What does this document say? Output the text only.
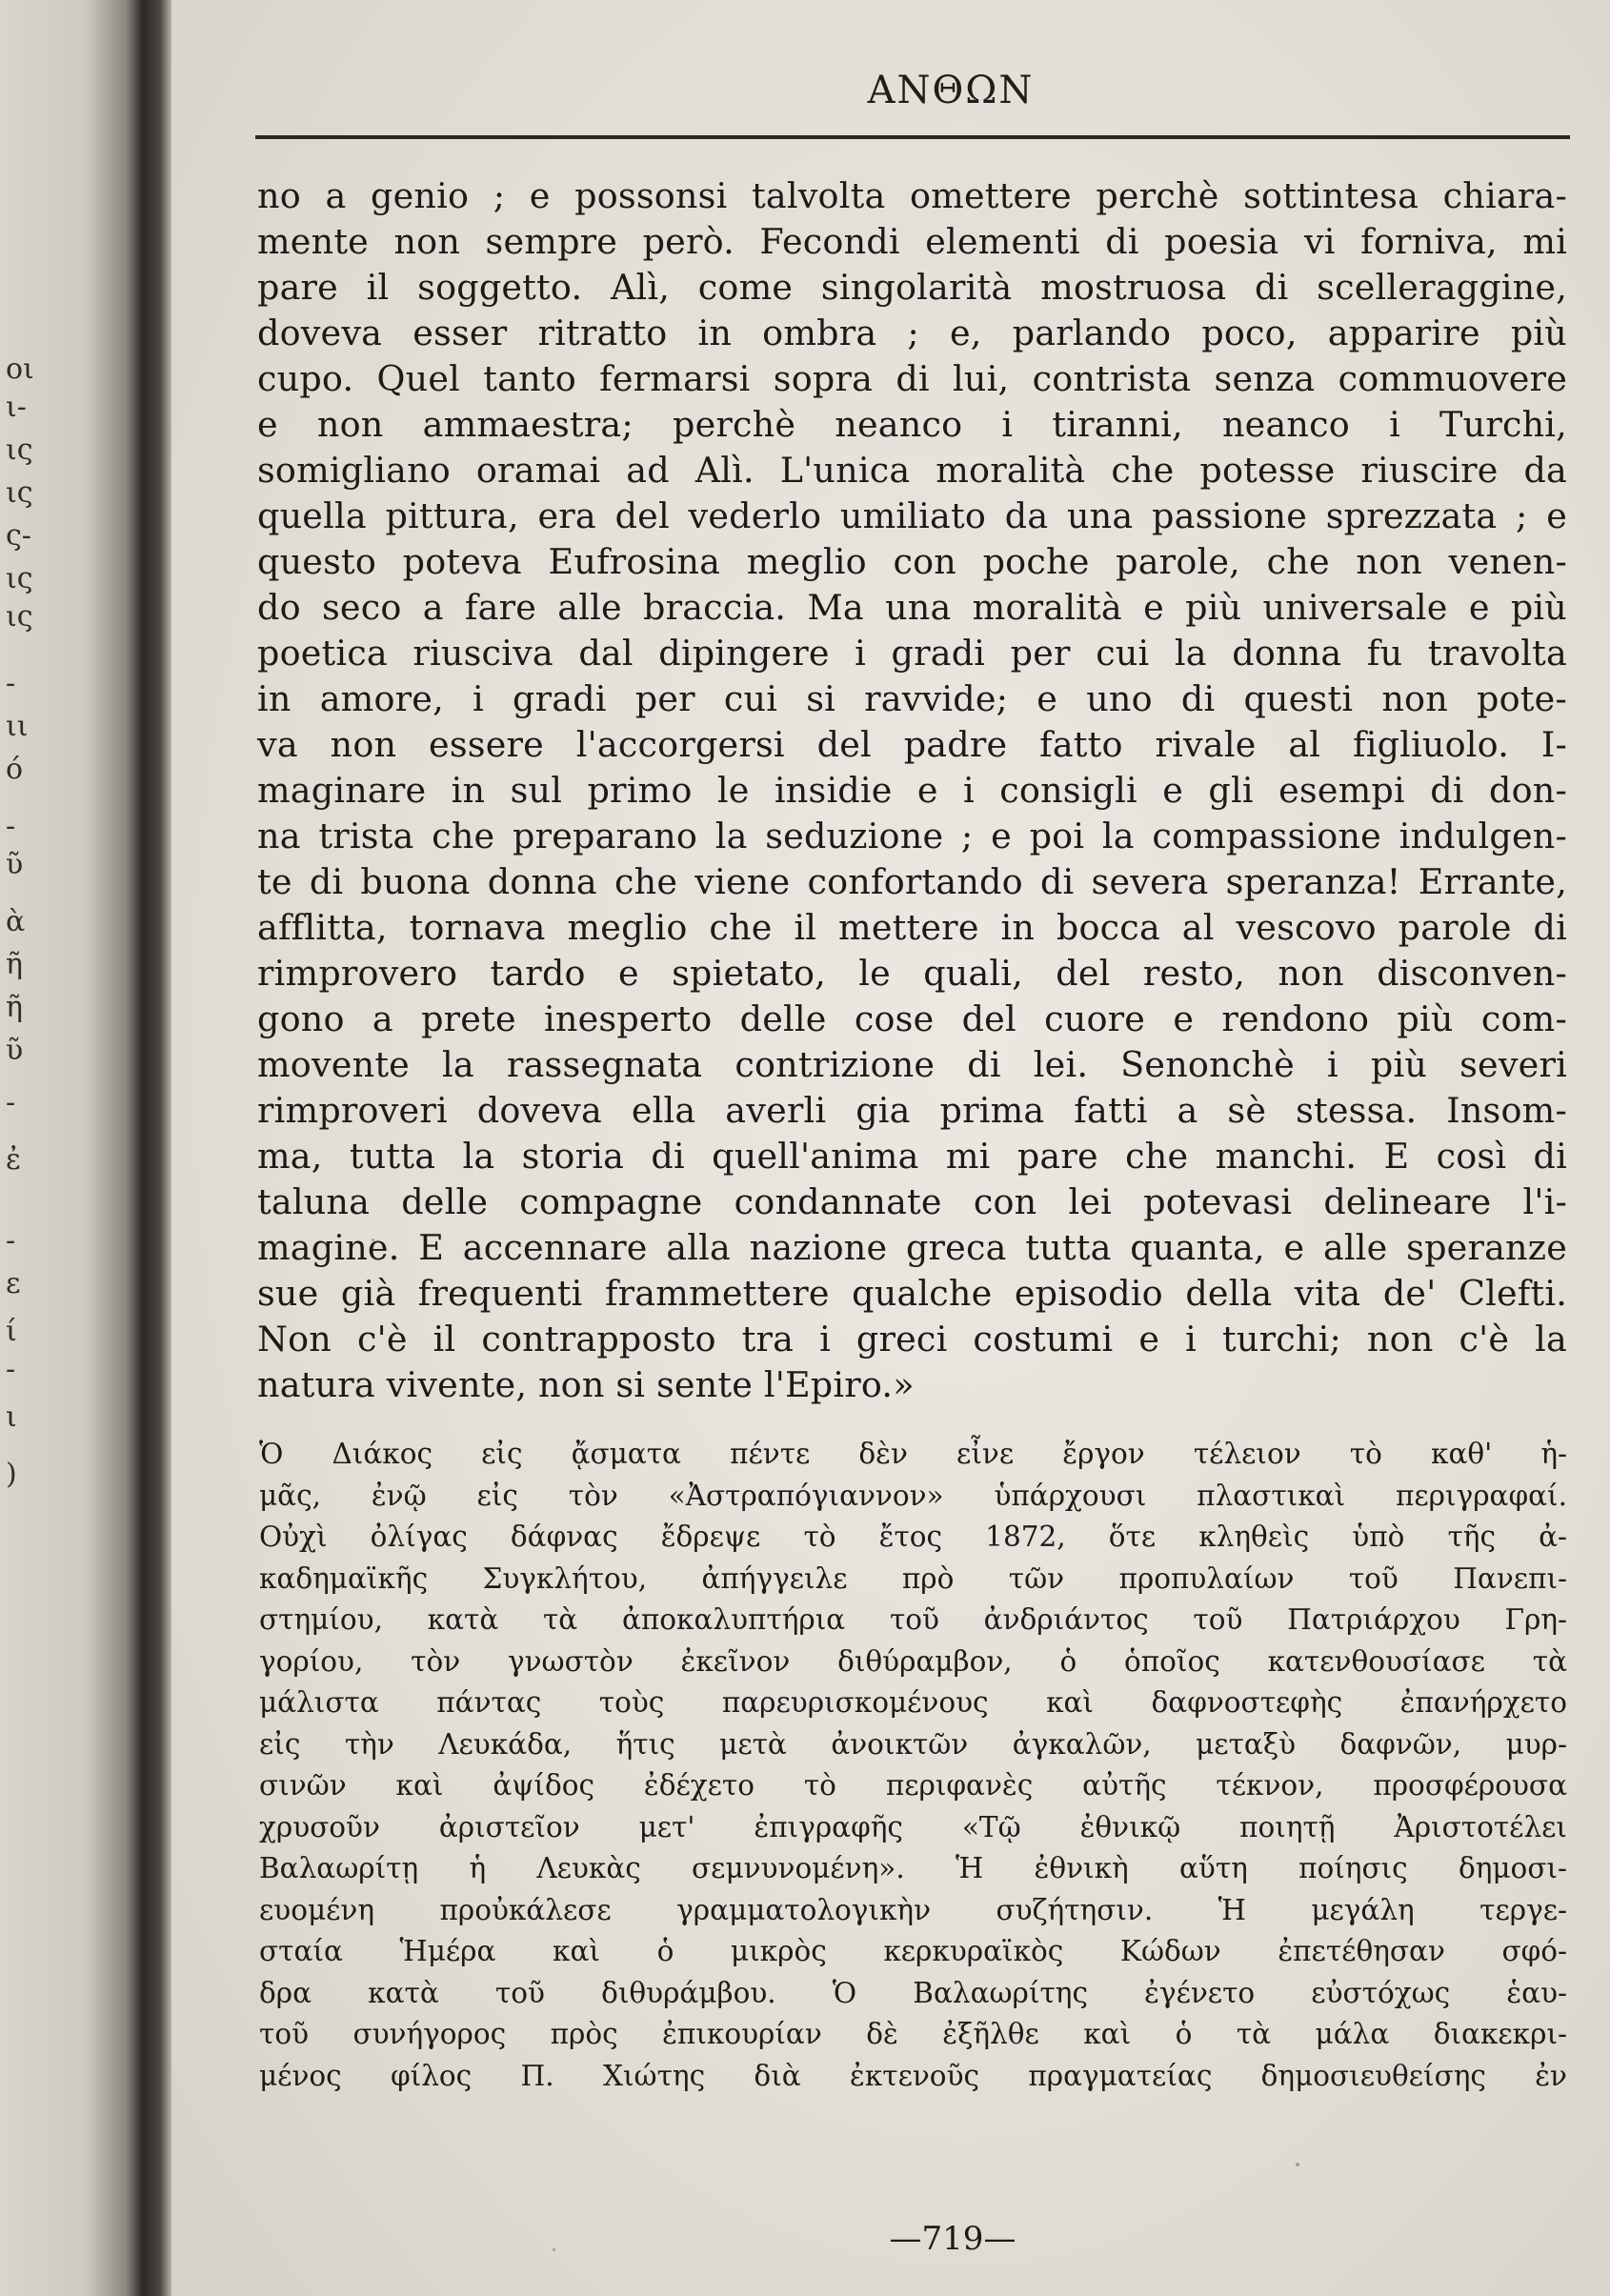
οι
ι-
ις
ις
ς-
ις
ις
-
ιι
ό
-
ῦ
ὰ
ῆ
ῆ
ῦ
-
ἐ
-
ε
ί
-
ι
)
ΑΝΘΩΝ
no a genio ; e possonsi talvolta omettere perchè sottintesa chiara-
mente non sempre però. Fecondi elementi di poesia vi forniva, mi
pare il soggetto. Alì, come singolarità mostruosa di scelleraggine,
doveva esser ritratto in ombra ; e, parlando poco, apparire più
cupo. Quel tanto fermarsi sopra di lui, contrista senza commuovere
e non ammaestra; perchè neanco i tiranni, neanco i Turchi,
somigliano oramai ad Alì. L'unica moralità che potesse riuscire da
quella pittura, era del vederlo umiliato da una passione sprezzata ; e
questo poteva Eufrosina meglio con poche parole, che non venen-
do seco a fare alle braccia. Ma una moralità e più universale e più
poetica riusciva dal dipingere i gradi per cui la donna fu travolta
in amore, i gradi per cui si ravvide; e uno di questi non pote-
va non essere l'accorgersi del padre fatto rivale al figliuolo. I-
maginare in sul primo le insidie e i consigli e gli esempi di don-
na trista che preparano la seduzione ; e poi la compassione indulgen-
te di buona donna che viene confortando di severa speranza! Errante,
afflitta, tornava meglio che il mettere in bocca al vescovo parole di
rimprovero tardo e spietato, le quali, del resto, non disconven-
gono a prete inesperto delle cose del cuore e rendono più com-
movente la rassegnata contrizione di lei. Senonchè i più severi
rimproveri doveva ella averli gia prima fatti a sè stessa. Insom-
ma, tutta la storia di quell'anima mi pare che manchi. E così di
taluna delle compagne condannate con lei potevasi delineare l'i-
magine. E accennare alla nazione greca tutta quanta, e alle speranze
sue già frequenti frammettere qualche episodio della vita de' Clefti.
Non c'è il contrapposto tra i greci costumi e i turchi; non c'è la
natura vivente, non si sente l'Epiro.»
Ὁ Διάκος εἰς ᾄσματα πέντε δὲν εἶνε ἔργον τέλειον τὸ καθ' ἡ-
μᾶς, ἐνῷ εἰς τὸν «Ἀστραπόγιαννον» ὑπάρχουσι πλαστικαὶ περιγραφαί.
Οὐχὶ ὀλίγας δάφνας ἔδρεψε τὸ ἔτος 1872, ὅτε κληθεὶς ὑπὸ τῆς ἀ-
καδημαϊκῆς Συγκλήτου, ἀπήγγειλε πρὸ τῶν προπυλαίων τοῦ Πανεπι-
στημίου, κατὰ τὰ ἀποκαλυπτήρια τοῦ ἀνδριάντος τοῦ Πατριάρχου Γρη-
γορίου, τὸν γνωστὸν ἐκεῖνον διθύραμβον, ὁ ὁποῖος κατενθουσίασε τὰ
μάλιστα πάντας τοὺς παρευρισκομένους καὶ δαφνοστεφὴς ἐπανήρχετο
εἰς τὴν Λευκάδα, ἥτις μετὰ ἀνοικτῶν ἀγκαλῶν, μεταξὺ δαφνῶν, μυρ-
σινῶν καὶ ἀψίδος ἐδέχετο τὸ περιφανὲς αὐτῆς τέκνον, προσφέρουσα
χρυσοῦν ἀριστεῖον μετ' ἐπιγραφῆς «Τῷ ἐθνικῷ ποιητῇ Ἀριστοτέλει
Βαλαωρίτῃ ἡ Λευκὰς σεμνυνομένη». Ἡ ἐθνικὴ αὕτη ποίησις δημοσι-
ευομένη προὐκάλεσε γραμματολογικὴν συζήτησιν. Ἡ μεγάλη τεργε-
σταία Ἡμέρα καὶ ὁ μικρὸς κερκυραϊκὸς Κώδων ἐπετέθησαν σφό-
δρα κατὰ τοῦ διθυράμβου. Ὁ Βαλαωρίτης ἐγένετο εὐστόχως ἑαυ-
τοῦ συνήγορος πρὸς ἐπικουρίαν δὲ ἐξῆλθε καὶ ὁ τὰ μάλα διακεκρι-
μένος φίλος Π. Χιώτης διὰ ἐκτενοῦς πραγματείας δημοσιευθείσης ἐν
—719—
